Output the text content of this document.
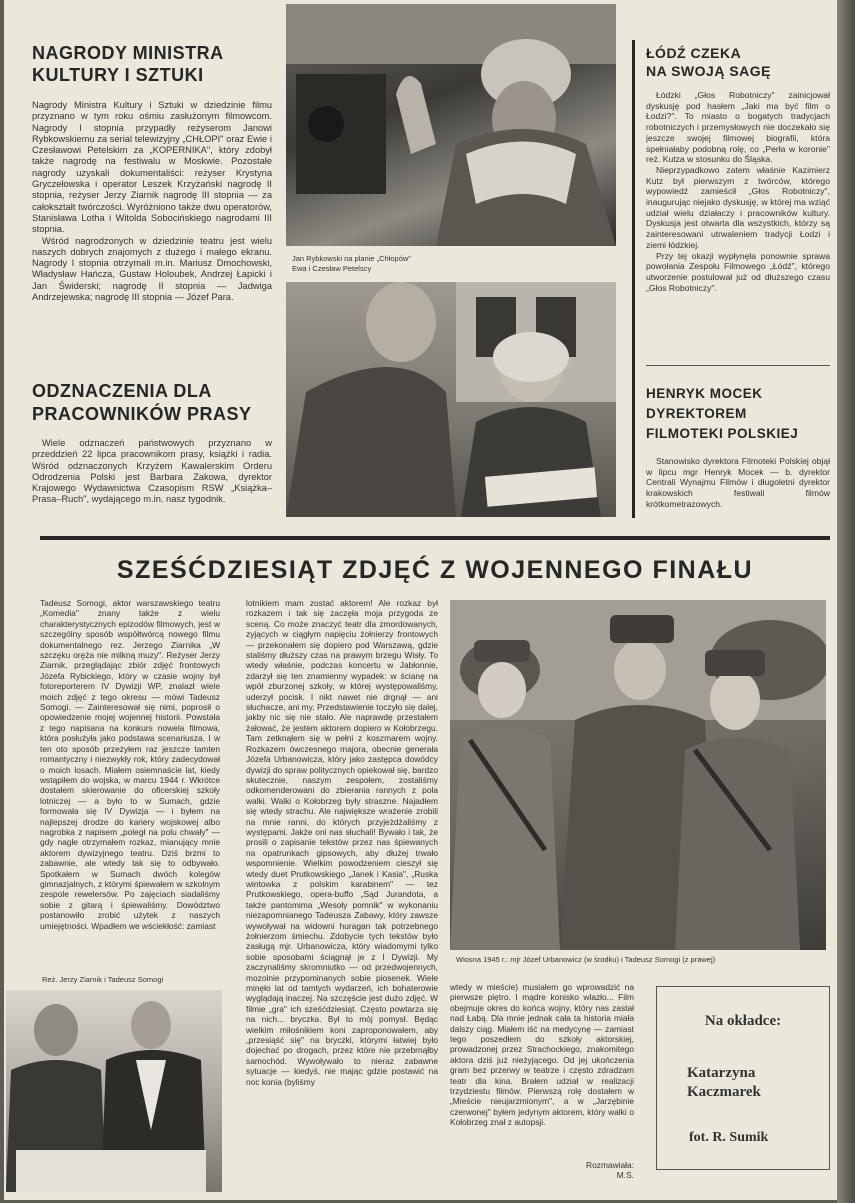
NAGRODY MINISTRA
KULTURY I SZTUKI

Nagrody Ministra Kultury i Sztuki w dziedzinie filmu przyznano w tym roku ośmiu zasłużonym filmowcom. Nagrody I stopnia przypadły reżyserom Janowi Rybkowskiemu za serial telewizyjny „CHŁOPI" oraz Ewie i Czesławowi Petelskim za „KOPERNIKA", który zdobył także nagrodę na festiwalu w Moskwie. Pozostałe nagrody uzyskali dokumentaliści: reżyser Krystyna Gryczełowska i operator Leszek Krzyżański nagrodę II stopnia, reżyser Jerzy Ziarnik nagrodę III stopnia — za całokształt twórczości. Wyróżniono także dwu operatorów, Stanisława Lotha i Witolda Sobocińskiego nagrodami III stopnia.

Wśród nagrodzonych w dziedzinie teatru jest wielu naszych dobrych znajomych z dużego i małego ekranu. Nagrody I stopnia otrzymali m.in. Mariusz Dmochowski, Władysław Hańcza, Gustaw Holoubek, Andrzej Łapicki i Jan Świderski; nagrodę II stopnia — Jadwiga Andrzejewska; nagrodę III stopnia — Józef Para.

ODZNACZENIA DLA
PRACOWNIKÓW PRASY
Wiele odznaczeń państwowych przyznano w przeddzień 22 lipca pracownikom prasy, książki i radia. Wśród odznaczonych Krzyżem Kawalerskim Orderu Odrodzenia Polski jest Barbara Zakowa, dyrektor Krajowego Wydawnictwa Czasopism RSW „Książka–Prasa–Ruch", wydającego m.in. nasz tygodnik.
Jan Rybkowski na planie „Chłopów"
Ewa i Czesław Petelscy
ŁÓDŹ CZEKA
NA SWOJĄ SAGĘ

Łódzki „Głos Robotniczy" zainicjował dyskusję pod hasłem „Jaki ma być film o Łodzi?". To miasto o bogatych tradycjach robotniczych i przemysłowych nie doczekało się jeszcze swojej filmowej biografii, która spełniałaby podobną rolę, co „Perła w koronie" reż. Kutza w stosunku do Śląska.

Nieprzypadkowo zatem właśnie Kazimierz Kutz był pierwszym z twórców, którego wypowiedź zamieścił „Głos Robotniczy", inaugurując niejako dyskusję, w której ma wziąć udział wielu działaczy i pracowników kultury. Dyskusja jest otwarta dla wszystkich, którzy są zainteresowani utrwaleniem tradycji Łodzi i ziemi łódzkiej.

Przy tej okazji wypłynęła ponownie sprawa powołania Zespołu Filmowego „Łódź", którego utworzenie postulował już od dłuższego czasu „Głos Robotniczy".

HENRYK MOCEK
DYREKTOREM
FILMOTEKI POLSKIEJ
Stanowisko dyrektora Filmoteki Polskiej objął w lipcu mgr Henryk Mocek — b. dyrektor Centrali Wynajmu Filmów i długoletni dyrektor krakowskich festiwali filmów krótkometrazowych.
SZEŚĆDZIESIĄT ZDJĘĆ Z WOJENNEGO FINAŁU
Tadeusz Somogi, aktor warszawskiego teatru „Komedia" znany także z wielu charakterystycznych epizodów filmowych, jest w szczególny sposób współtwórcą nowego filmu dokumentalnego rez. Jerzego Ziarnika „W szczęku oręża nie milkną muzy". Reżyser Jerzy Ziarnik, przeglądając zbiór zdjęć frontowych Józefa Rybickiego, który w czasie wojny był fotoreporterem IV Dywizji WP, znalazł wiele moich zdjęć z tego okresu — mówi Tadeusz Somogi. — Zainteresował się nimi, poprosił o opowiedzenie mojej wojennej historii. Powstała z tego napisana na konkurs nowela filmowa, która posłużyła jako podstawa scenariusza. I w ten oto sposób przeżyłem raz jeszcze tamten romantyczny i niezwykły rok, który zadecydował o moich losach. Miałem osiemnaście lat, kiedy wstąpiłem do wojska, w marcu 1944 r. Wkrótce dostałem skierowanie do oficerskiej szkoły lotniczej — a było to w Sumach, gdzie formowała się IV Dywizja — i byłem na najlepszej drodze do kariery wojskowej albo nagrobka z napisem „poległ na polu chwały" — gdy nagle otrzymałem rozkaz, mianujący mnie aktorem dywizyjnego teatru. Dziś brzmi to zabawnie, ale wtedy tak się to odbywało. Spotkałem w Sumach dwóch kolegów gimnazjalnych, z którymi śpiewałem w szkolnym zespole rewelersów. Po zajęciach siadaliśmy sobie z gitarą i śpiewaliśmy. Dowództwo postanowiło zrobić użytek z naszych umiejętności. Wpadłem we wściekłość: zamiast
lotnikiem mam zostać aktorem! Ale rozkaz był rozkazem i tak się zaczęła moja przygoda ze sceną. Co może znaczyć teatr dla zmordowanych, zyjących w ciągłym napięciu żołnierzy frontowych — przekonałem się dopiero pod Warszawą, gdzie staliśmy dłuższy czas na prawym brzegu Wisły. To wtedy właśnie, podczas koncertu w Jabłonnie, zdarzył się ten znamienny wypadek: w ścianę na wpół zburzonej szkoły, w której występowaliśmy, uderzył pocisk. I nikt nawet nie drgnął — ani słuchacze, ani my. Przedstawienie toczyło się dalej, jakby nic się nie stało. Ale naprawdę przestałem żałować, że jestem aktorem dopiero w Kołobrzegu. Tam zetknąłem się w pełni z koszmarem wojny. Rozkazem ówczesnego majora, obecnie generała Józefa Urbanowicza, który jako zastępca dowódcy dywizji do spraw politycznych opiekował się, bardzo skutecznie, naszym zespołem, zostaliśmy odkomenderowani do zbierania rannych z pola walki. Walki o Kołobrzeg były straszne. Najadłem się wtedy strachu. Ale największe wrażenie zrobili na mnie ranni, do których przyjeżdżaliśmy z występami. Jakże oni nas słuchali! Bywało i tak, że prosili o zapisanie tekstów przez nas śpiewanych na opatrunkach gipsowych, aby dłużej trwało wspomnienie. Wielkim powodzeniem cieszył się wtedy duet Prutkowskiego „Janek i Kasia", „Ruska wintowka z polskim karabinem" — tez Prutkowskiego, opera-buffo „Sąd Jurandota, a także pantomima „Wesoły pomnik" w wykonaniu niezapomnianego Tadeusza Zabawy, który zawsze wywoływał na widowni huragan tak potrzebnego żołnierzom śmiechu. Zdobycie tych tekstów było zasługą mjr. Urbanowicza, który wiadomymi tylko sobie sposobami ściągnął je z I Dywizji. My zaczynaliśmy skromniutko — od przedwojennych, mozolnie przypominanych sobie piosenek. Wiele minęło lat od tamtych wydarzeń, ich bohaterowie wyglądają inaczej. Na szczęście jest dużo zdjęć. W filmie „gra" ich sześćdziesiąt. Często powtarza się na nich... bryczka. Był to mój pomysł. Będąc wielkim miłośnikiem koni zaproponowałem, aby „przesiąść się" na bryczki, którymi łatwiej było dojechać po drogach, przez które nie przebrnąłby samochód. Wywoływało to nieraz zabawne sytuacje — kiedyś, nie mając gdzie postawić na noc konia (byliśmy
Wiosna 1945 r.: mjr Józef Urbanowicz (w środku) i Tadeusz Somogi (z prawej)
wtedy w mieście) musiałem go wprowadzić na pierwsze piętro. I mądre konisko wlazło... Film obejmuje okres do końca wojny, który nas zastał nad Łabą. Dla mnie jednak cała ta historia miała dalszy ciąg. Miałem iść na medycynę — zamiast tego poszedłem do szkoły aktorskiej, prowadzonej przez Strachockiego, znakomitego aktora dziś już nieżyjącego. Od jej ukończenia gram bez przerwy w teatrze i często zdradzam teatr dla kina. Brałem udział w realizacji trzydziestu filmów. Pierwszą rolę dostałem w „Mieście nieujarzmionym", a w „Jarzębinie czerwonej" byłem jedynym aktorem, który walki o Kołobrzeg znał z autopsji.
Rozmawiała:
M.S.
Reż. Jerzy Ziarnik i Tadeusz Somogi
Na okładce:
Katarzyna
Kaczmarek
fot. R. Sumik
